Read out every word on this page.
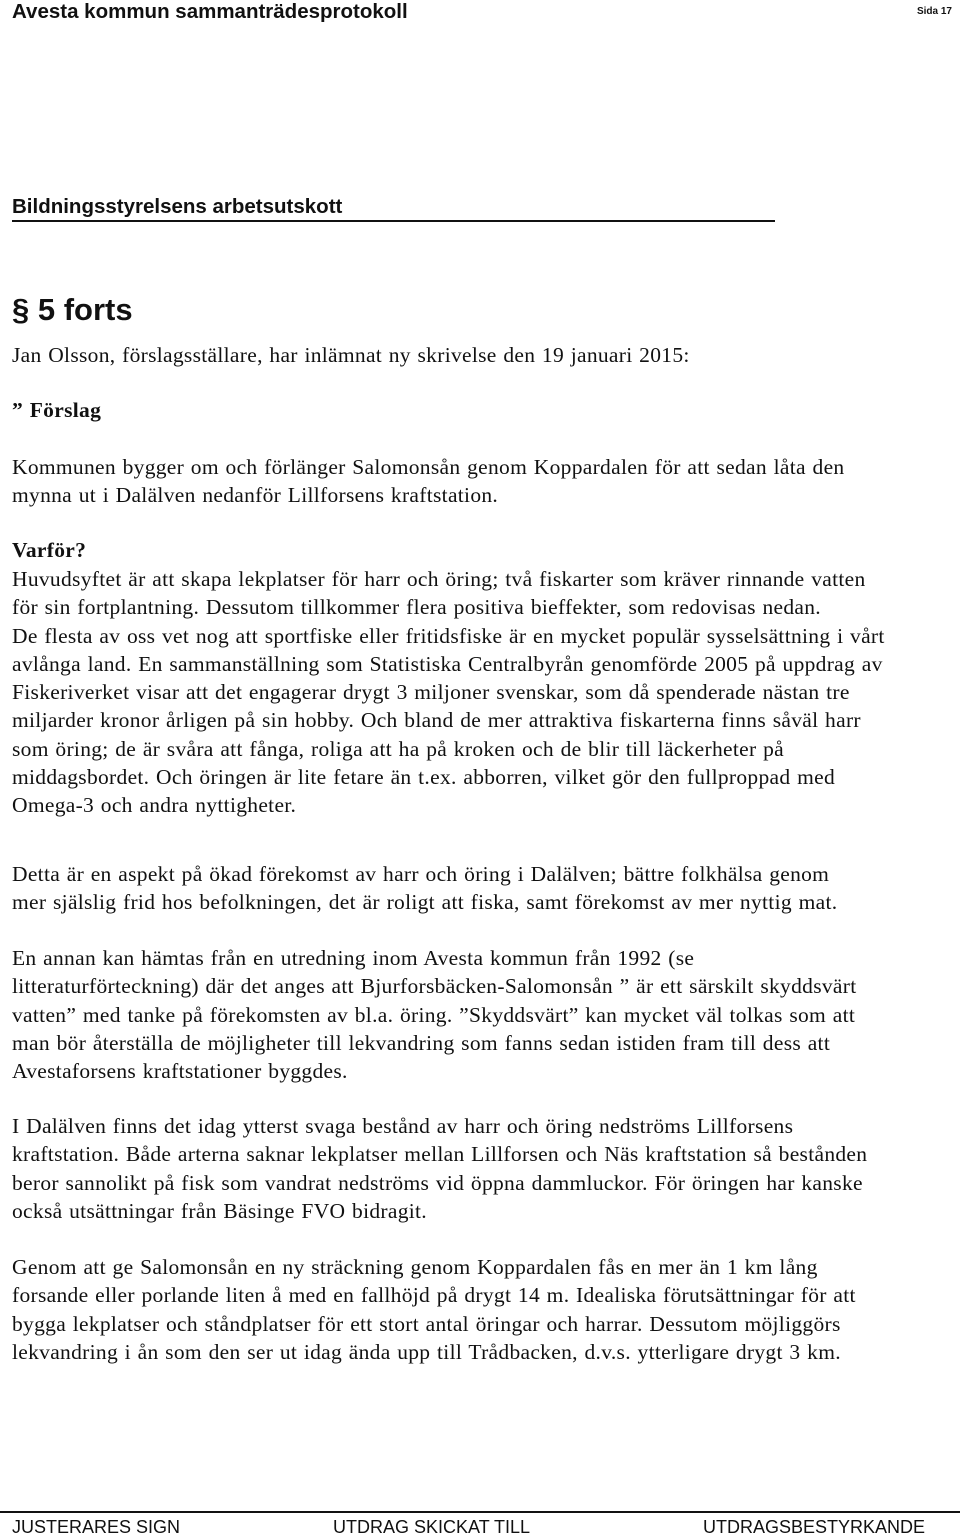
Avesta kommun sammanträdesprotokoll	Sida 17
Bildningsstyrelsens arbetsutskott
§ 5 forts
Jan Olsson, förslagsställare, har inlämnat ny skrivelse den 19 januari 2015:
” Förslag
Kommunen bygger om och förlänger Salomonsån genom Koppardalen för att sedan låta den
mynna ut i Dalälven nedanför Lillforsens kraftstation.
Varför?
Huvudsyftet är att skapa lekplatser för harr och öring; två fiskarter som kräver rinnande vatten
för sin fortplantning. Dessutom tillkommer flera positiva bieffekter, som redovisas nedan.
De flesta av oss vet nog att sportfiske eller fritidsfiske är en mycket populär sysselsättning i vårt
avlånga land. En sammanställning som Statistiska Centralbyrån genomförde 2005 på uppdrag av
Fiskeriverket visar att det engagerar drygt 3 miljoner svenskar, som då spenderade nästan tre
miljarder kronor årligen på sin hobby. Och bland de mer attraktiva fiskarterna finns såväl harr
som öring; de är svåra att fånga, roliga att ha på kroken och de blir till läckerheter på
middagsbordet. Och öringen är lite fetare än t.ex. abborren, vilket gör den fullproppad med
Omega-3 och andra nyttigheter.
Detta är en aspekt på ökad förekomst av harr och öring i Dalälven; bättre folkhälsa genom
mer själslig frid hos befolkningen, det är roligt att fiska, samt förekomst av mer nyttig mat.
En annan kan hämtas från en utredning inom Avesta kommun från 1992 (se
litteraturförteckning) där det anges att Bjurforsbäcken-Salomonsån ” är ett särskilt skyddsvärt
vatten” med tanke på förekomsten av bl.a. öring. ”Skyddsvärt” kan mycket väl tolkas som att
man bör återställa de möjligheter till lekvandring som fanns sedan istiden fram till dess att
Avestaforsens kraftstationer byggdes.
I Dalälven finns det idag ytterst svaga bestånd av harr och öring nedströms Lillforsens
kraftstation. Både arterna saknar lekplatser mellan Lillforsen och Näs kraftstation så bestånden
beror sannolikt på fisk som vandrat nedströms vid öppna dammluckor. För öringen har kanske
också utsättningar från Bäsinge FVO bidragit.
Genom att ge Salomonsån en ny sträckning genom Koppardalen fås en mer än 1 km lång
forsande eller porlande liten å med en fallhöjd på drygt 14 m. Idealiska förutsättningar för att
bygga lekplatser och ståndplatser för ett stort antal öringar och harrar. Dessutom möjliggörs
lekvandring i ån som den ser ut idag ända upp till Trådbacken, d.v.s. ytterligare drygt 3 km.
JUSTERARES SIGN	UTDRAG SKICKAT TILL	UTDRAGSBESTYRKANDE
